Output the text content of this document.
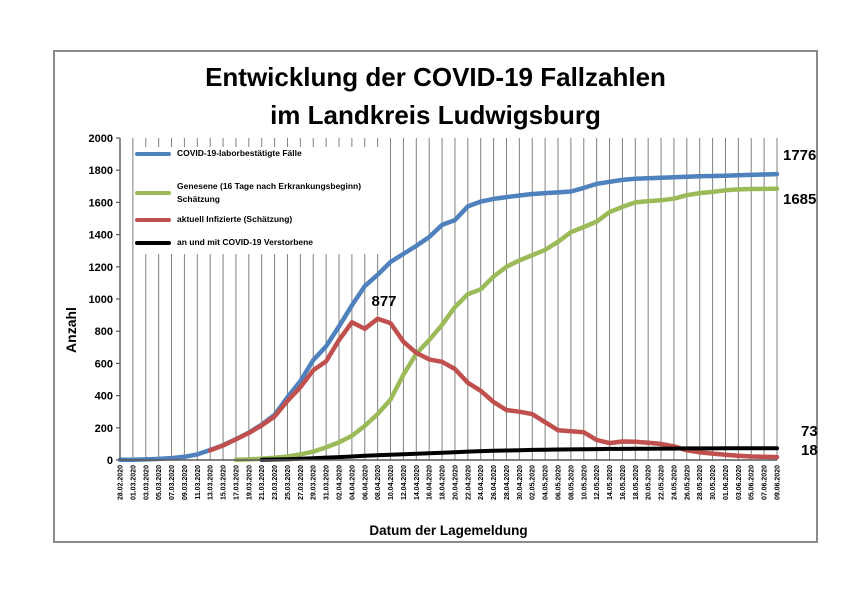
Entwicklung der COVID-19 Fallzahlen
im Landkreis Ludwigsburg
0
200
400
600
800
1000
1200
1400
1600
1800
2000
28.02.2020 01.03.2020 03.03.2020 05.03.2020 07.03.2020 09.03.2020 11.03.2020 13.03.2020 15.03.2020 17.03.2020 19.03.2020 21.03.2020 23.03.2020 25.03.2020 27.03.2020 29.03.2020 31.03.2020 02.04.2020 04.04.2020 06.04.2020 08.04.2020 10.04.2020 12.04.2020 14.04.2020 16.04.2020 18.04.2020 20.04.2020 22.04.2020 24.04.2020 26.04.2020 28.04.2020 30.04.2020 02.05.2020 04.05.2020 06.05.2020 08.05.2020 10.05.2020 12.05.2020 14.05.2020 16.05.2020 18.05.2020 20.05.2020 22.05.2020 24.05.2020 26.05.2020 28.05.2020 30.05.2020 01.06.2020 03.06.2020 05.06.2020 07.06.2020 09.06.2020
COVID-19-laborbestätigte Fälle
Genesene (16 Tage nach Erkrankungsbeginn)
Schätzung
aktuell Infizierte (Schätzung)
an und mit COVID-19 Verstorbene
Anzahl
Datum der Lagemeldung
877
1776
1685
73
18
